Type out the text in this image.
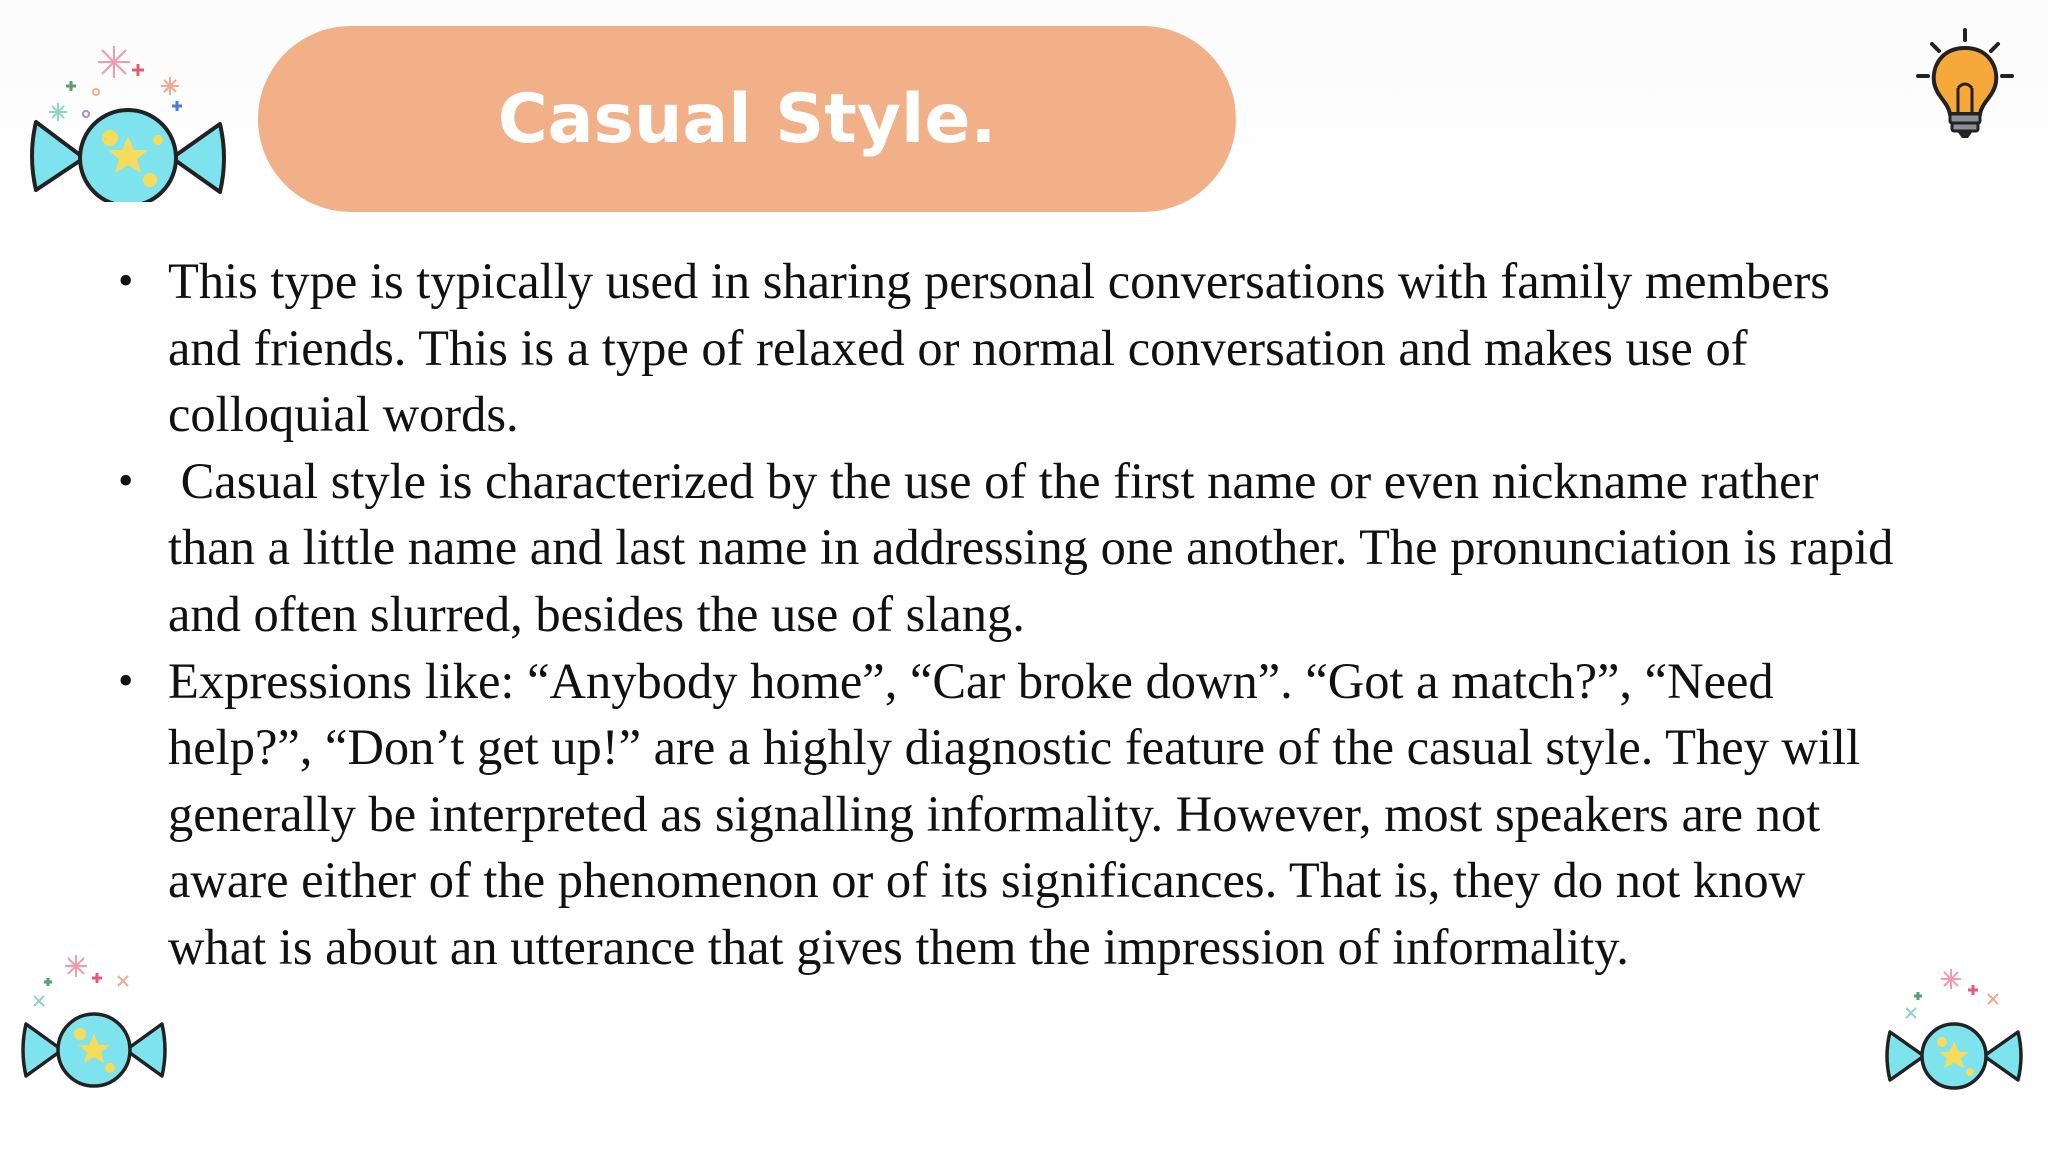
Casual Style.
• This type is typically used in sharing personal conversations with family members and friends. This is a type of relaxed or normal conversation and makes use of colloquial words.
• Casual style is characterized by the use of the first name or even nickname rather than a little name and last name in addressing one another. The pronunciation is rapid and often slurred, besides the use of slang.
• Expressions like: “Anybody home”, “Car broke down”. “Got a match?”, “Need help?”, “Don’t get up!” are a highly diagnostic feature of the casual style. They will generally be interpreted as signalling informality. However, most speakers are not aware either of the phenomenon or of its significances. That is, they do not know what is about an utterance that gives them the impression of informality.
